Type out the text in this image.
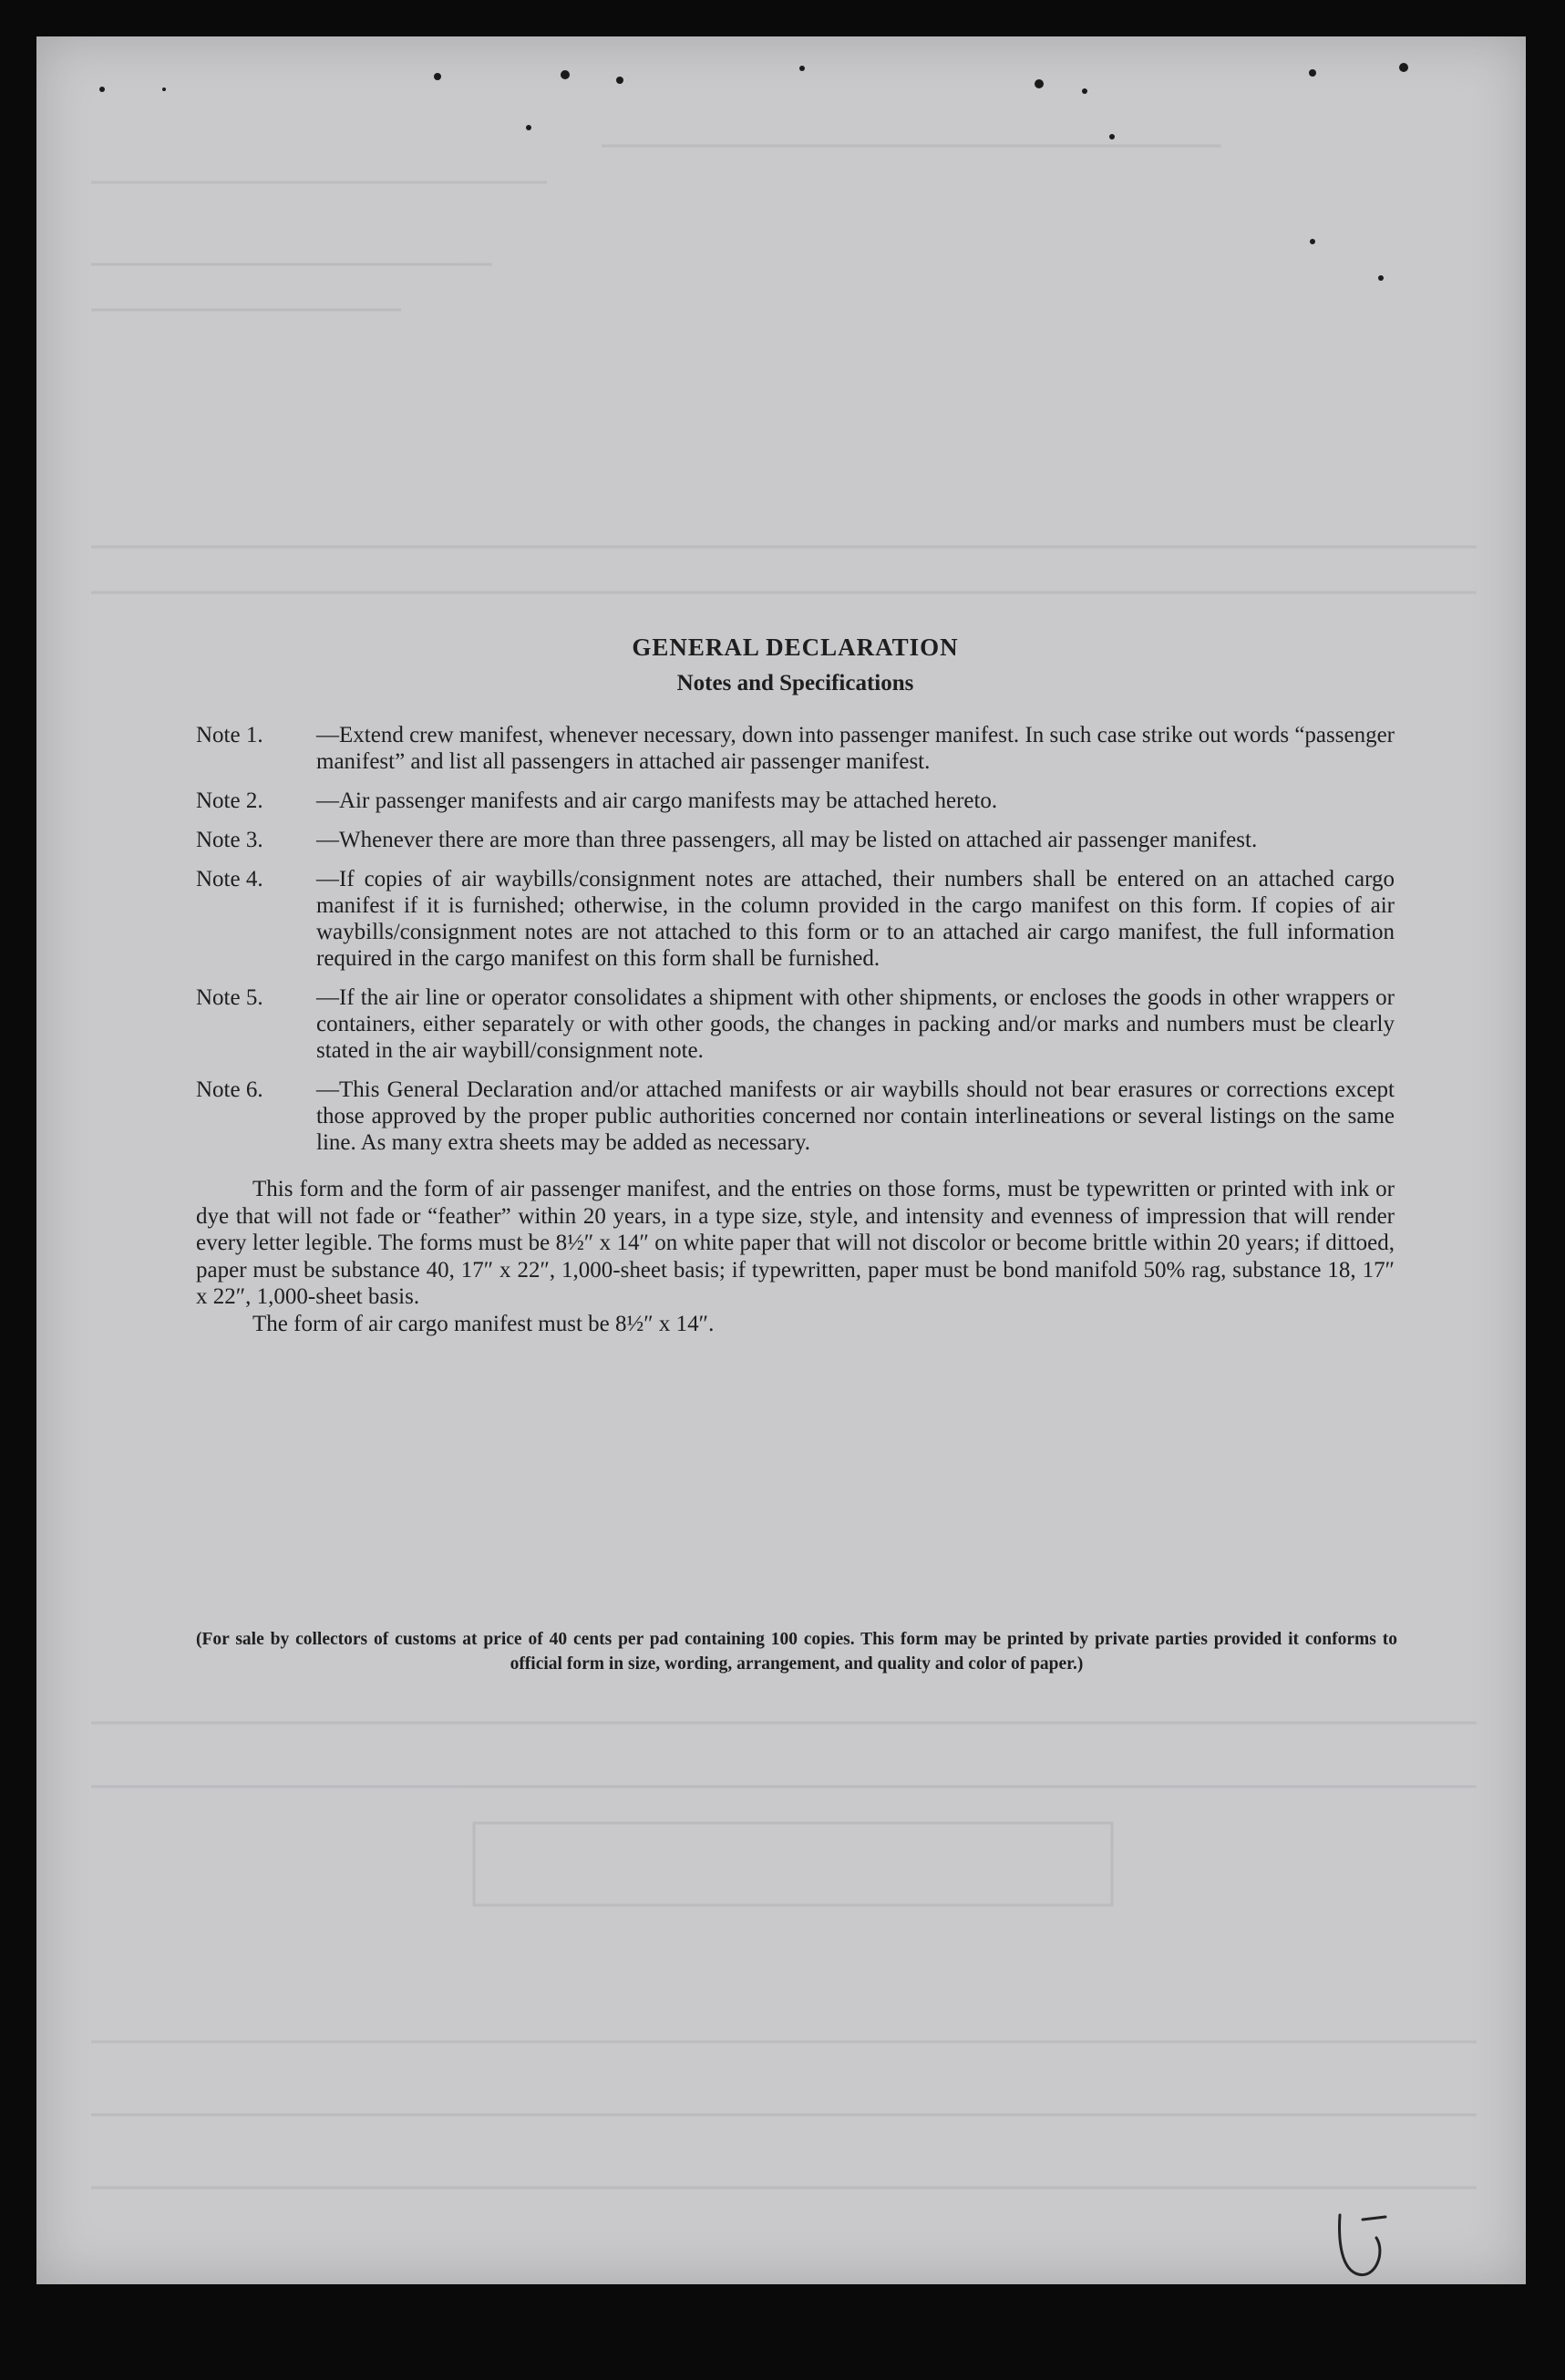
GENERAL DECLARATION
Notes and Specifications
Note 1.	—Extend crew manifest, whenever necessary, down into passenger manifest. In such case strike out words “passenger manifest” and list all passengers in attached air passenger manifest.
Note 2.	—Air passenger manifests and air cargo manifests may be attached hereto.
Note 3.	—Whenever there are more than three passengers, all may be listed on attached air passenger manifest.
Note 4.	—If copies of air waybills/consignment notes are attached, their numbers shall be entered on an attached cargo manifest if it is furnished; otherwise, in the column provided in the cargo manifest on this form. If copies of air waybills/consignment notes are not attached to this form or to an attached air cargo manifest, the full information required in the cargo manifest on this form shall be furnished.
Note 5.	—If the air line or operator consolidates a shipment with other shipments, or encloses the goods in other wrappers or containers, either separately or with other goods, the changes in packing and/or marks and numbers must be clearly stated in the air waybill/consignment note.
Note 6.	—This General Declaration and/or attached manifests or air waybills should not bear erasures or corrections except those approved by the proper public authorities concerned nor contain interlineations or several listings on the same line. As many extra sheets may be added as necessary.

This form and the form of air passenger manifest, and the entries on those forms, must be typewritten or printed with ink or dye that will not fade or “feather” within 20 years, in a type size, style, and intensity and evenness of impression that will render every letter legible. The forms must be 8½″ x 14″ on white paper that will not discolor or become brittle within 20 years; if dittoed, paper must be substance 40, 17″ x 22″, 1,000-sheet basis; if typewritten, paper must be bond manifold 50% rag, substance 18, 17″ x 22″, 1,000-sheet basis.

The form of air cargo manifest must be 8½″ x 14″.

(For sale by collectors of customs at price of 40 cents per pad containing 100 copies. This form may be printed by private parties provided it conforms to official form in size, wording, arrangement, and quality and color of paper.)
